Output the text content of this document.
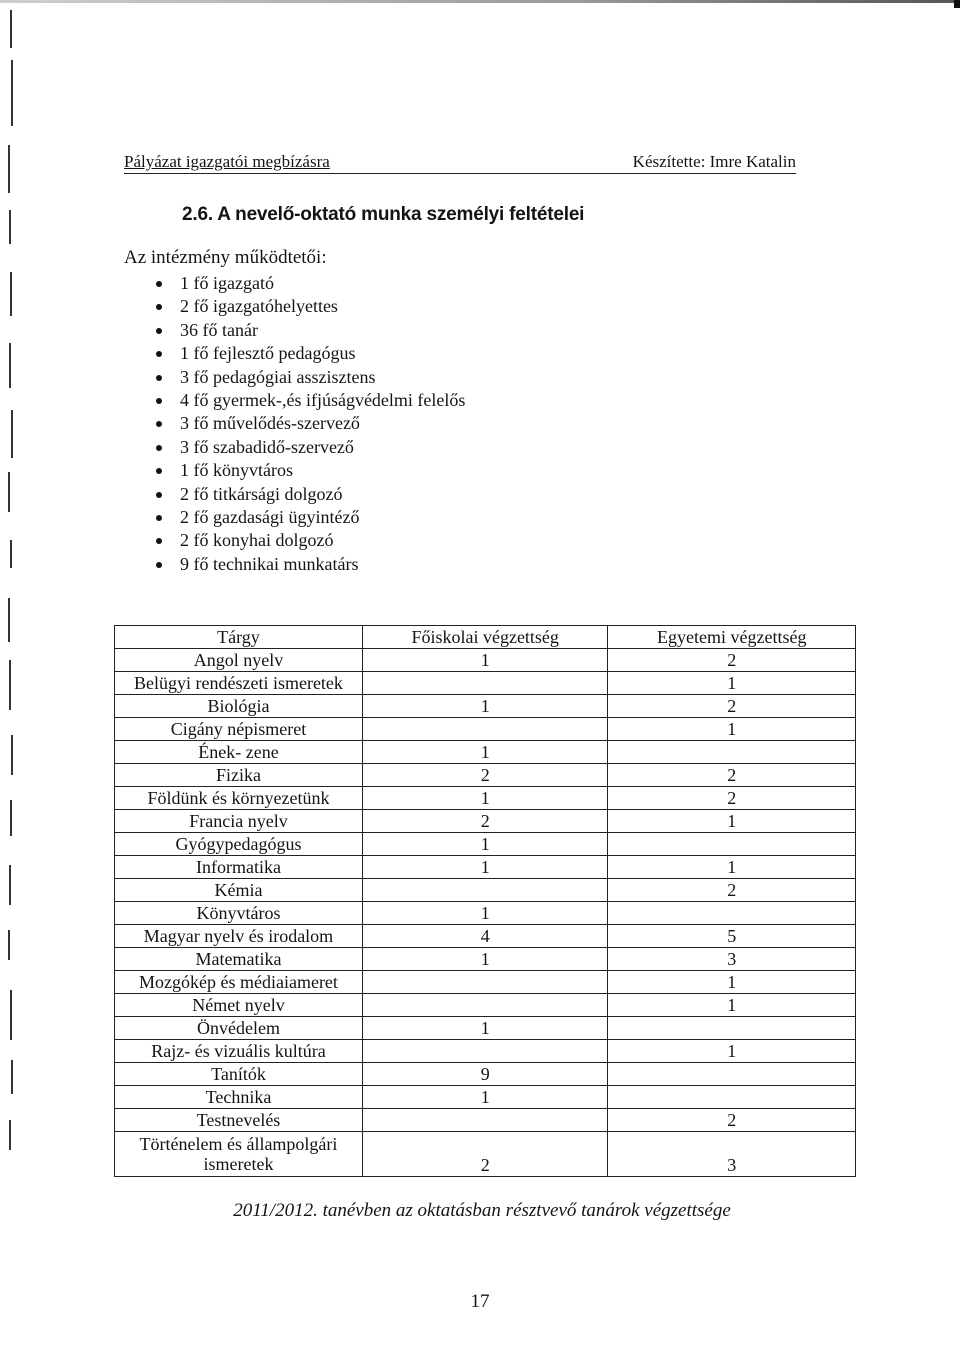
Pályázat igazgatói megbízásra	Készítette: Imre Katalin
2.6. A nevelő-oktató munka személyi feltételei
Az intézmény működtetői:
1 fő igazgató
2 fő igazgatóhelyettes
36 fő tanár
1 fő fejlesztő pedagógus
3 fő pedagógiai asszisztens
4 fő gyermek-,és ifjúságvédelmi felelős
3 fő művelődés-szervező
3 fő szabadidő-szervező
1 fő könyvtáros
2 fő titkársági dolgozó
2 fő gazdasági ügyintéző
2 fő konyhai dolgozó
9 fő technikai munkatárs
Tárgy	Főiskolai végzettség	Egyetemi végzettség
Angol nyelv	1	2
Belügyi rendészeti ismeretek		1
Biológia	1	2
Cigány népismeret		1
Ének- zene	1	
Fizika	2	2
Földünk és környezetünk	1	2
Francia nyelv	2	1
Gyógypedagógus	1	
Informatika	1	1
Kémia		2
Könyvtáros	1	
Magyar nyelv és irodalom	4	5
Matematika	1	3
Mozgókép és médiaiameret		1
Német nyelv		1
Önvédelem	1	
Rajz- és vizuális kultúra		1
Tanítók	9	
Technika	1	
Testnevelés		2
Történelem és állampolgári ismeretek	2	3
2011/2012. tanévben az oktatásban résztvevő tanárok végzettsége
17
